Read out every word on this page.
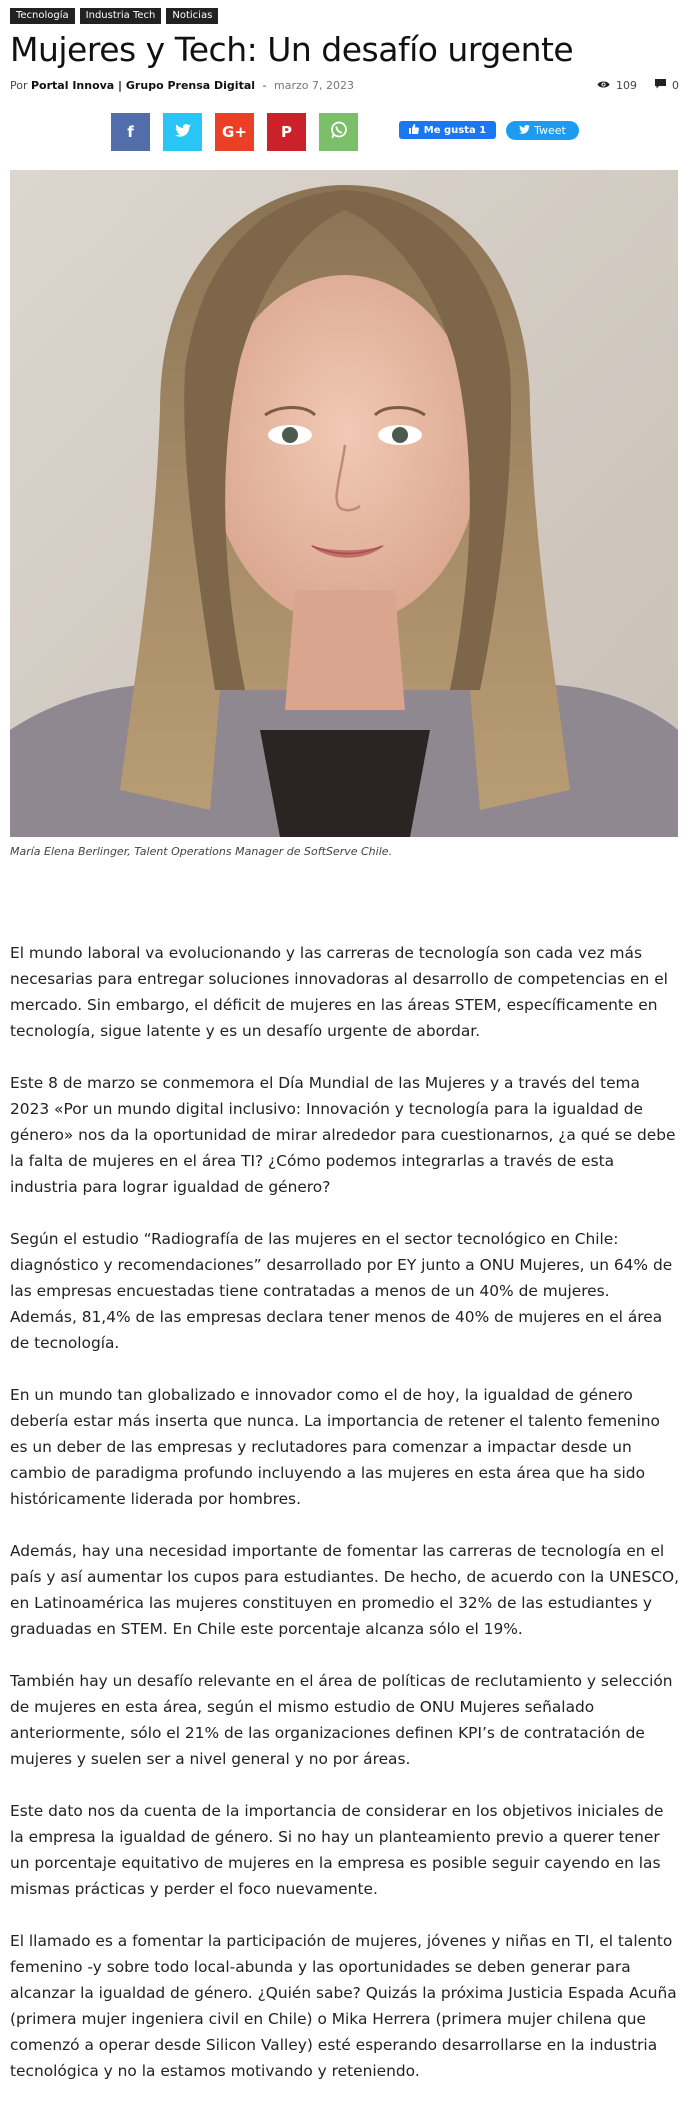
Tecnología	Industria Tech	Noticias
Mujeres y Tech: Un desafío urgente
Por Portal Innova | Grupo Prensa Digital - marzo 7, 2023	109	0
f	G+ P	Me gusta 1	Tweet
María Elena Berlinger, Talent Operations Manager de SoftServe Chile.

El mundo laboral va evolucionando y las carreras de tecnología son cada vez más necesarias para entregar soluciones innovadoras al desarrollo de competencias en el mercado. Sin embargo, el déficit de mujeres en las áreas STEM, específicamente en tecnología, sigue latente y es un desafío urgente de abordar.

Este 8 de marzo se conmemora el Día Mundial de las Mujeres y a través del tema 2023 «Por un mundo digital inclusivo: Innovación y tecnología para la igualdad de género» nos da la oportunidad de mirar alrededor para cuestionarnos, ¿a qué se debe la falta de mujeres en el área TI? ¿Cómo podemos integrarlas a través de esta industria para lograr igualdad de género?

Según el estudio “Radiografía de las mujeres en el sector tecnológico en Chile: diagnóstico y recomendaciones” desarrollado por EY junto a ONU Mujeres, un 64% de las empresas encuestadas tiene contratadas a menos de un 40% de mujeres. Además, 81,4% de las empresas declara tener menos de 40% de mujeres en el área de tecnología.

En un mundo tan globalizado e innovador como el de hoy, la igualdad de género debería estar más inserta que nunca. La importancia de retener el talento femenino es un deber de las empresas y reclutadores para comenzar a impactar desde un cambio de paradigma profundo incluyendo a las mujeres en esta área que ha sido históricamente liderada por hombres.

Además, hay una necesidad importante de fomentar las carreras de tecnología en el país y así aumentar los cupos para estudiantes. De hecho, de acuerdo con la UNESCO, en Latinoamérica las mujeres constituyen en promedio el 32% de las estudiantes y graduadas en STEM. En Chile este porcentaje alcanza sólo el 19%.

También hay un desafío relevante en el área de políticas de reclutamiento y selección de mujeres en esta área, según el mismo estudio de ONU Mujeres señalado anteriormente, sólo el 21% de las organizaciones definen KPI’s de contratación de mujeres y suelen ser a nivel general y no por áreas.

Este dato nos da cuenta de la importancia de considerar en los objetivos iniciales de la empresa la igualdad de género. Si no hay un planteamiento previo a querer tener un porcentaje equitativo de mujeres en la empresa es posible seguir cayendo en las mismas prácticas y perder el foco nuevamente.

El llamado es a fomentar la participación de mujeres, jóvenes y niñas en TI, el talento femenino -y sobre todo local-abunda y las oportunidades se deben generar para alcanzar la igualdad de género. ¿Quién sabe? Quizás la próxima Justicia Espada Acuña (primera mujer ingeniera civil en Chile) o Mika Herrera (primera mujer chilena que comenzó a operar desde Silicon Valley) esté esperando desarrollarse en la industria tecnológica y no la estamos motivando y reteniendo.
